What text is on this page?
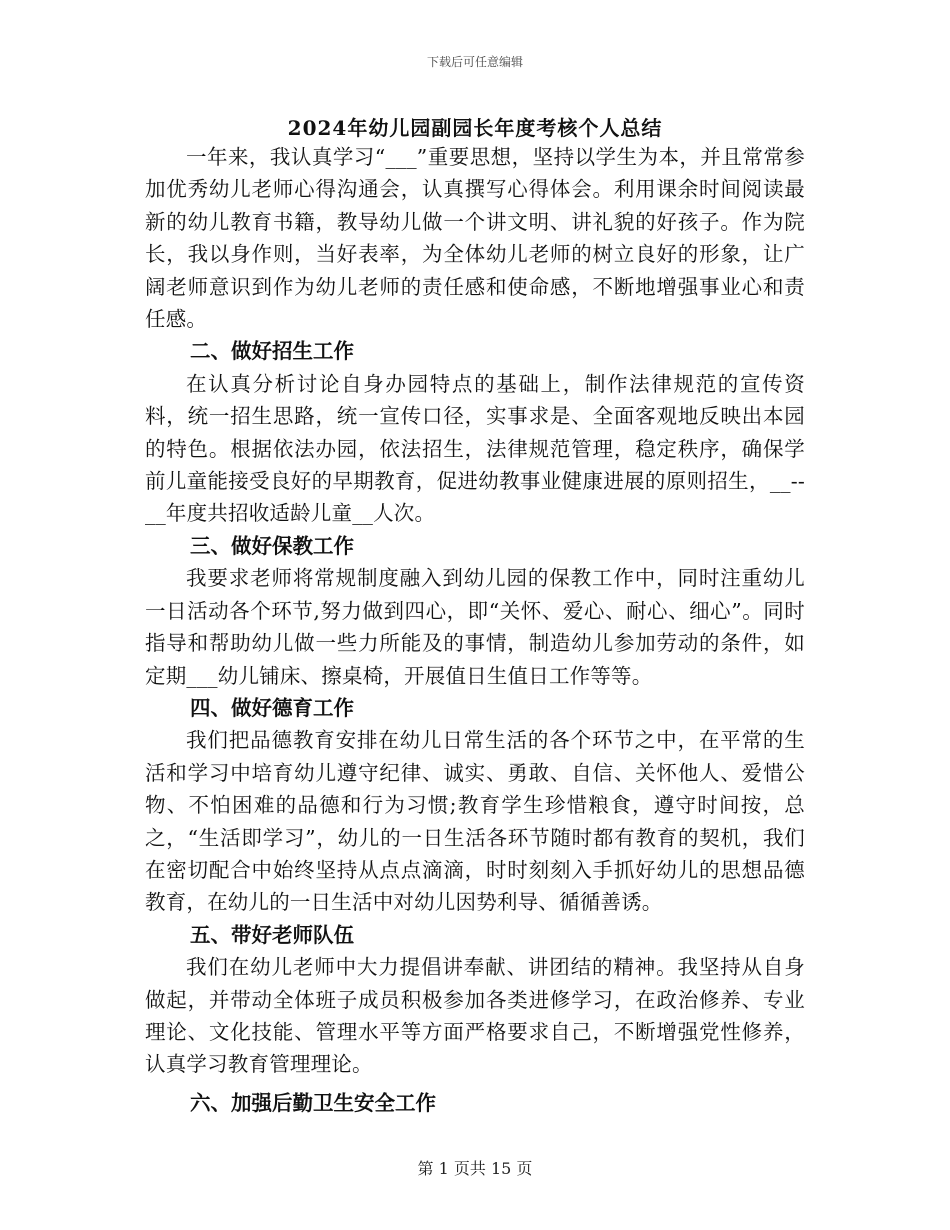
下载后可任意编辑
2024年幼儿园副园长年度考核个人总结

一年来，我认真学习“___”重要思想，坚持以学生为本，并且常常参加优秀幼儿老师心得沟通会，认真撰写心得体会。利用课余时间阅读最新的幼儿教育书籍，教导幼儿做一个讲文明、讲礼貌的好孩子。作为院长，我以身作则，当好表率，为全体幼儿老师的树立良好的形象，让广阔老师意识到作为幼儿老师的责任感和使命感，不断地增强事业心和责任感。

二、做好招生工作

在认真分析讨论自身办园特点的基础上，制作法律规范的宣传资料，统一招生思路，统一宣传口径，实事求是、全面客观地反映出本园的特色。根据依法办园，依法招生，法律规范管理，稳定秩序，确保学前儿童能接受良好的早期教育，促进幼教事业健康进展的原则招生，__--__年度共招收适龄儿童__人次。

三、做好保教工作

我要求老师将常规制度融入到幼儿园的保教工作中，同时注重幼儿一日活动各个环节,努力做到四心，即“关怀、爱心、耐心、细心”。同时指导和帮助幼儿做一些力所能及的事情，制造幼儿参加劳动的条件，如定期___幼儿铺床、擦桌椅，开展值日生值日工作等等。

四、做好德育工作

我们把品德教育安排在幼儿日常生活的各个环节之中，在平常的生活和学习中培育幼儿遵守纪律、诚实、勇敢、自信、关怀他人、爱惜公物、不怕困难的品德和行为习惯;教育学生珍惜粮食，遵守时间按，总之，“生活即学习”，幼儿的一日生活各环节随时都有教育的契机，我们在密切配合中始终坚持从点点滴滴，时时刻刻入手抓好幼儿的思想品德教育，在幼儿的一日生活中对幼儿因势利导、循循善诱。

五、带好老师队伍

我们在幼儿老师中大力提倡讲奉献、讲团结的精神。我坚持从自身做起，并带动全体班子成员积极参加各类进修学习，在政治修养、专业理论、文化技能、管理水平等方面严格要求自己，不断增强党性修养，认真学习教育管理理论。

六、加强后勤卫生安全工作
第 1 页共 15 页
